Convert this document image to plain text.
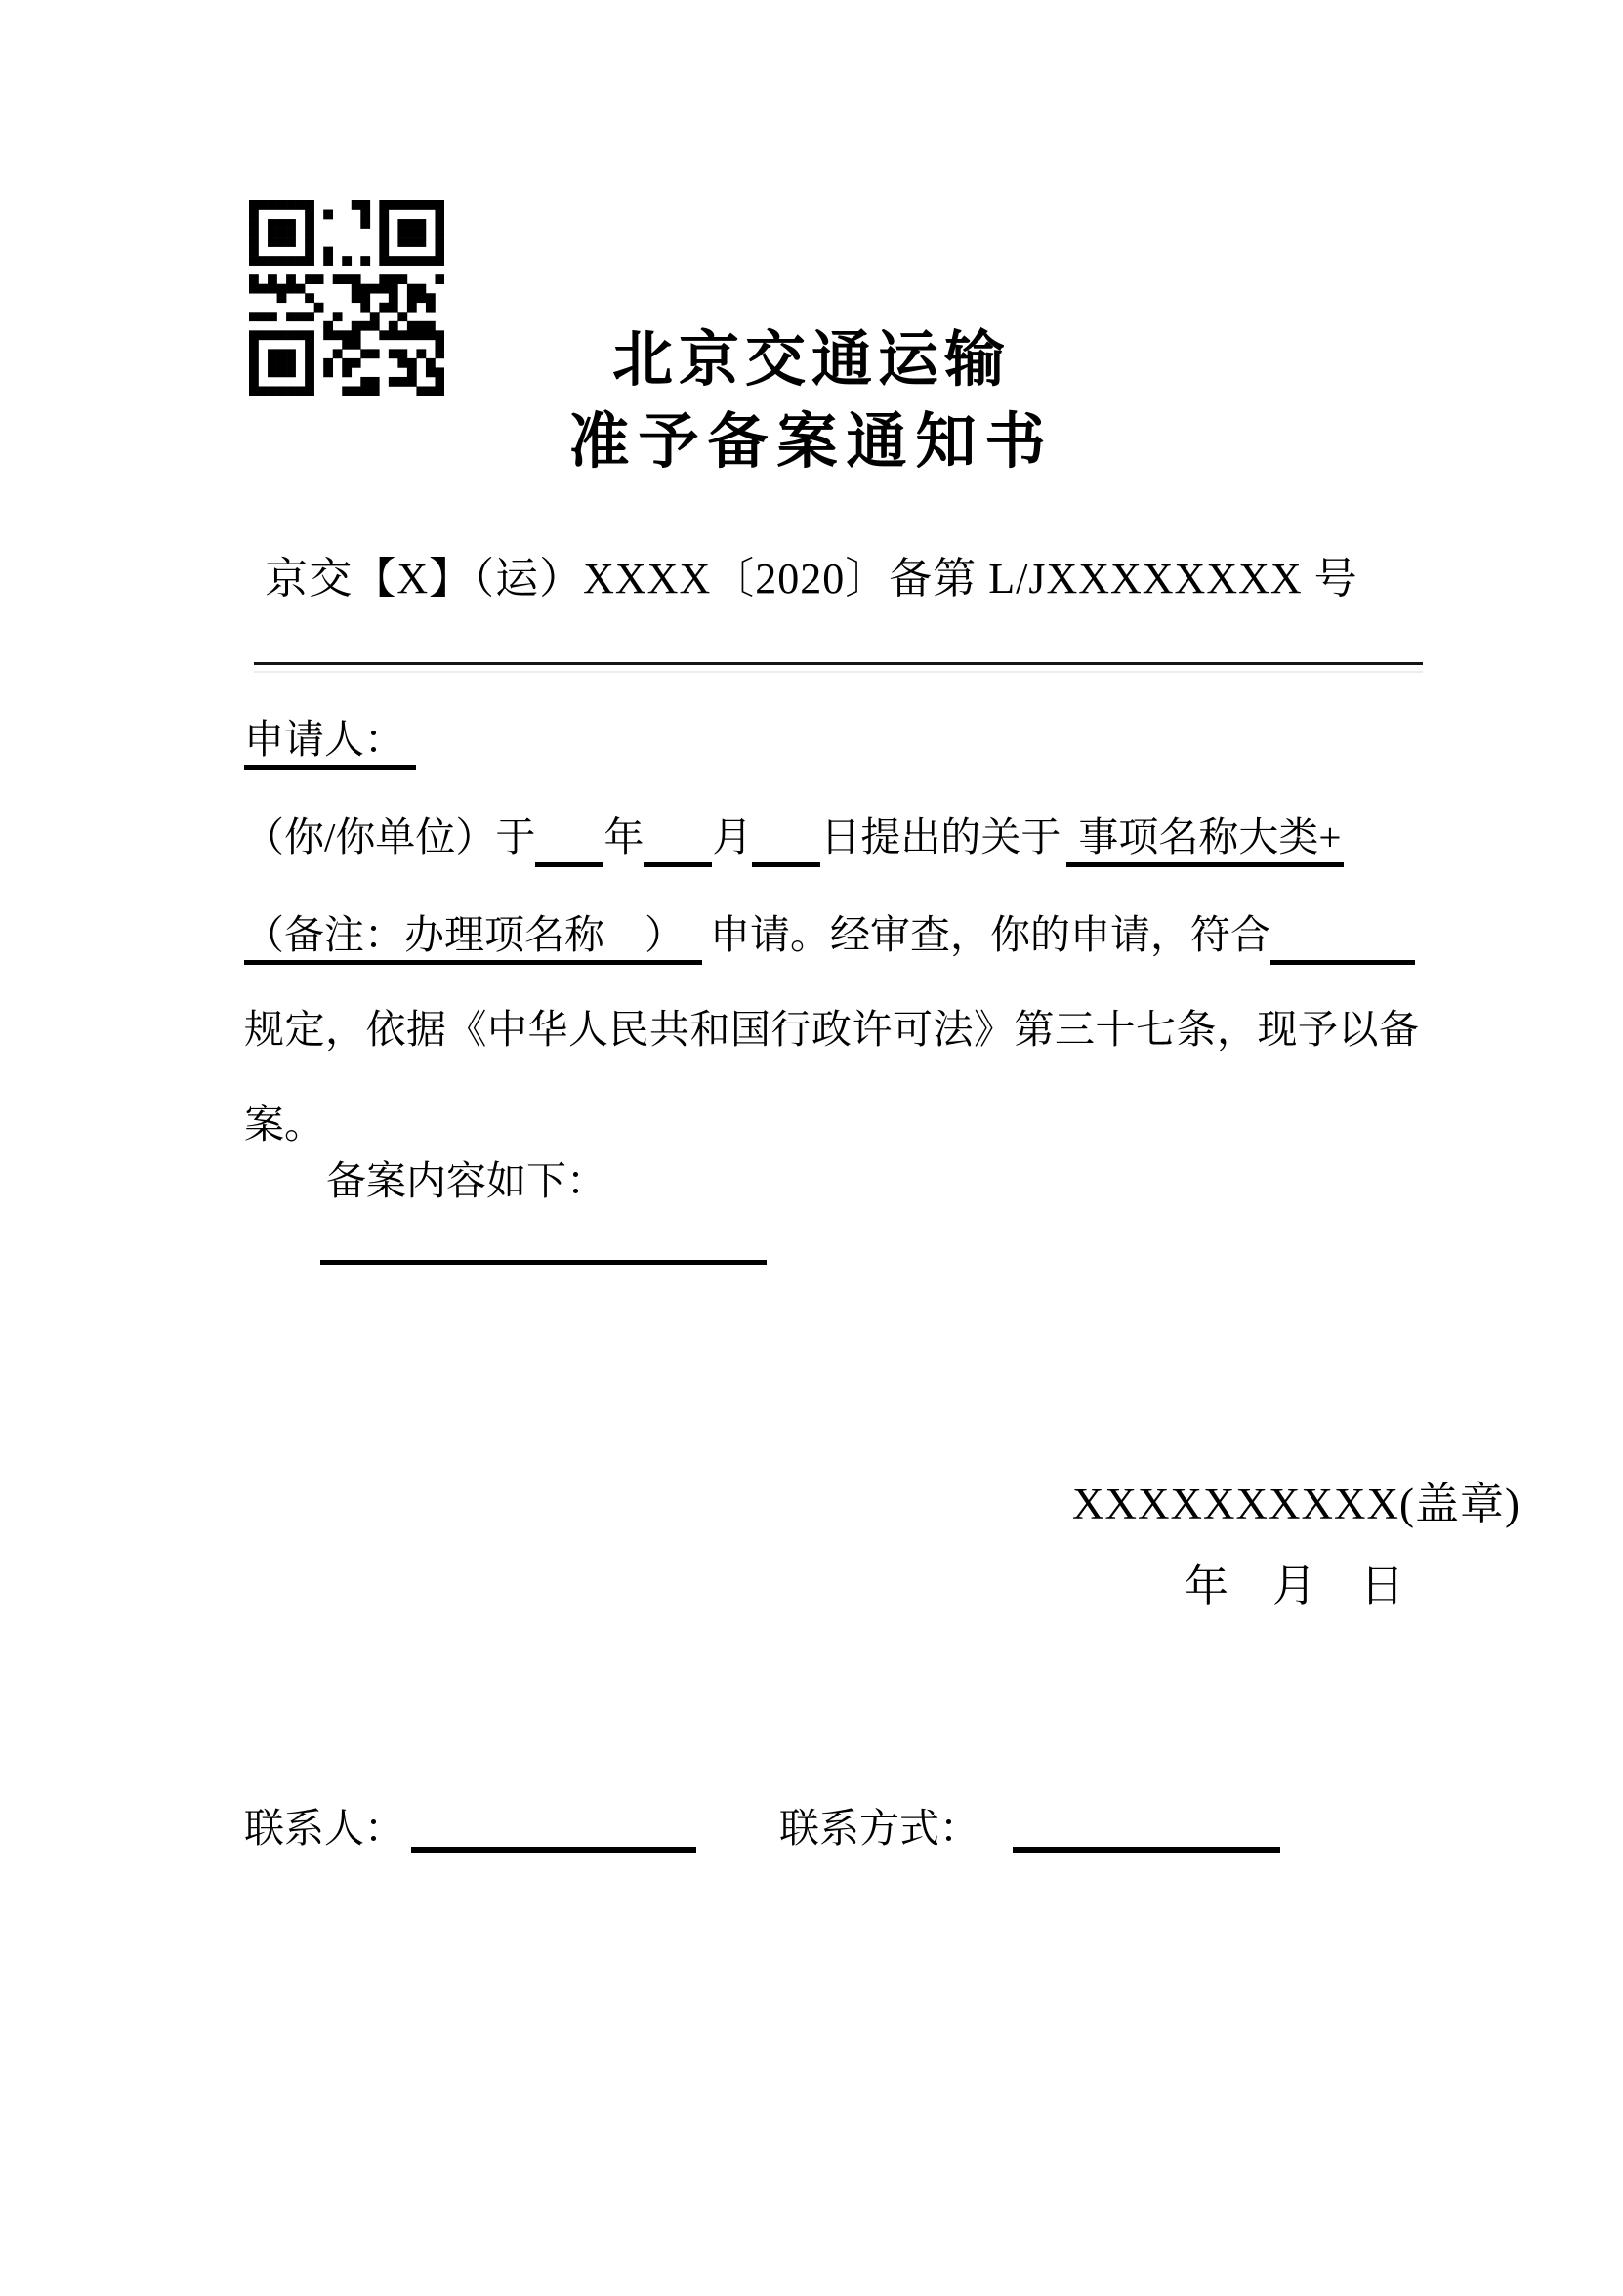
北京交通运输
准予备案通知书
京交【X】（运）XXXX〔2020〕备第 L/JXXXXXXXX 号
申请人：
（你/你单位）于 年 月 日提出的关于 事项名称大类+
（备注：办理项名称　） 申请。经审查，你的申请，符合
规定，依据《中华人民共和国行政许可法》第三十七条，现予以备
案。
备案内容如下：
XXXXXXXXXX(盖章)
年　月　日
联系人：	联系方式：
